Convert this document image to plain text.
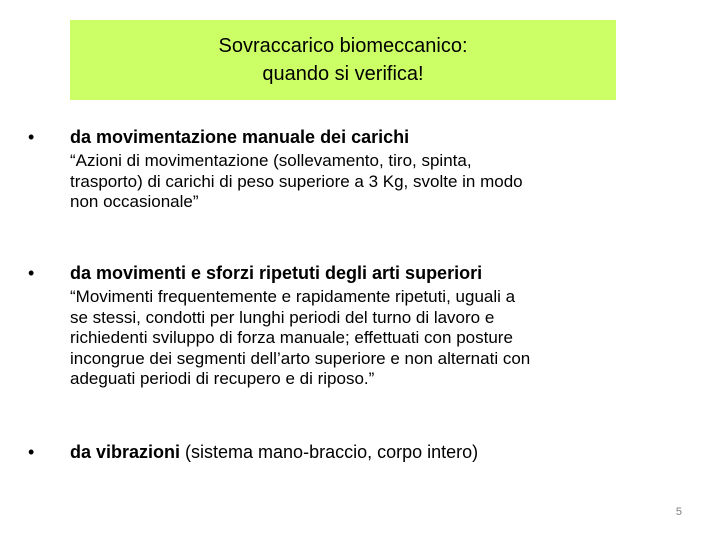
Sovraccarico biomeccanico:
quando si verifica!
• da movimentazione manuale dei carichi
“Azioni di movimentazione (sollevamento, tiro, spinta,
trasporto) di carichi di peso superiore a 3 Kg, svolte in modo
non occasionale”
• da movimenti e sforzi ripetuti degli arti superiori
“Movimenti frequentemente e rapidamente ripetuti, uguali a
se stessi, condotti per lunghi periodi del turno di lavoro e
richiedenti sviluppo di forza manuale; effettuati con posture
incongrue dei segmenti dell’arto superiore e non alternati con
adeguati periodi di recupero e di riposo.”
• da vibrazioni (sistema mano-braccio, corpo intero)
5
